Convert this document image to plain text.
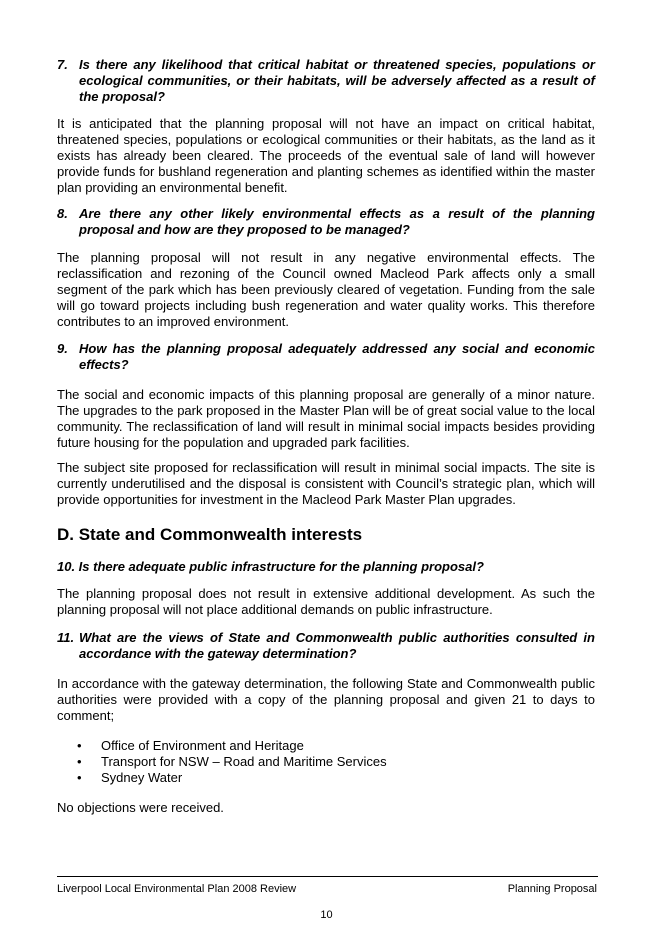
7. Is there any likelihood that critical habitat or threatened species, populations or ecological communities, or their habitats, will be adversely affected as a result of the proposal?

It is anticipated that the planning proposal will not have an impact on critical habitat, threatened species, populations or ecological communities or their habitats, as the land as it exists has already been cleared. The proceeds of the eventual sale of land will however provide funds for bushland regeneration and planting schemes as identified within the master plan providing an environmental benefit.

8. Are there any other likely environmental effects as a result of the planning proposal and how are they proposed to be managed?

The planning proposal will not result in any negative environmental effects. The reclassification and rezoning of the Council owned Macleod Park affects only a small segment of the park which has been previously cleared of vegetation. Funding from the sale will go toward projects including bush regeneration and water quality works. This therefore contributes to an improved environment.

9. How has the planning proposal adequately addressed any social and economic effects?

The social and economic impacts of this planning proposal are generally of a minor nature. The upgrades to the park proposed in the Master Plan will be of great social value to the local community. The reclassification of land will result in minimal social impacts besides providing future housing for the population and upgraded park facilities.

The subject site proposed for reclassification will result in minimal social impacts. The site is currently underutilised and the disposal is consistent with Council’s strategic plan, which will provide opportunities for investment in the Macleod Park Master Plan upgrades.

D. State and Commonwealth interests
10. Is there adequate public infrastructure for the planning proposal?

The planning proposal does not result in extensive additional development. As such the planning proposal will not place additional demands on public infrastructure.

11. What are the views of State and Commonwealth public authorities consulted in accordance with the gateway determination?

In accordance with the gateway determination, the following State and Commonwealth public authorities were provided with a copy of the planning proposal and given 21 to days to comment;

• Office of Environment and Heritage
• Transport for NSW – Road and Maritime Services
• Sydney Water

No objections were received.

Liverpool Local Environmental Plan 2008 Review	Planning Proposal
10
